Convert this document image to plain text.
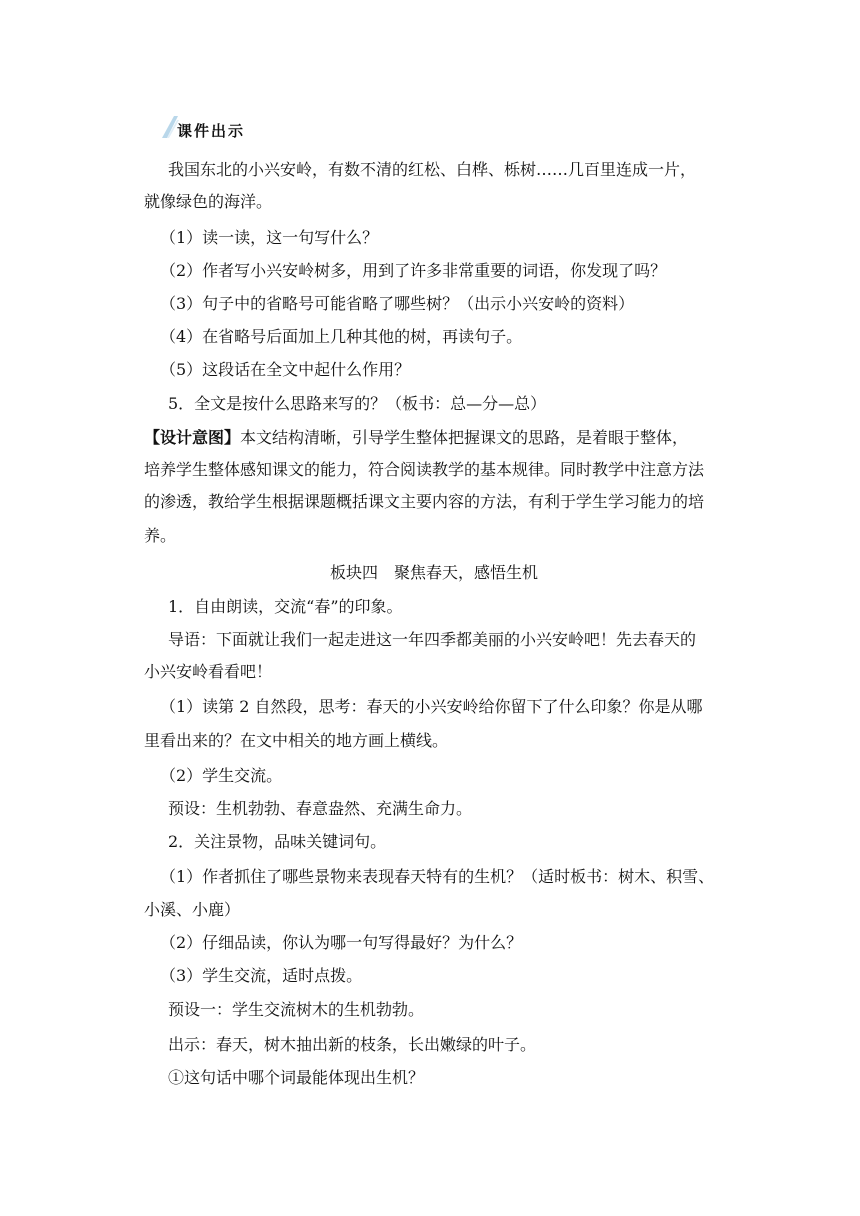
课件出示
我国东北的小兴安岭，有数不清的红松、白桦、栎树……几百里连成一片，
就像绿色的海洋。
（1）读一读，这一句写什么？
（2）作者写小兴安岭树多，用到了许多非常重要的词语，你发现了吗？
（3）句子中的省略号可能省略了哪些树？（出示小兴安岭的资料）
（4）在省略号后面加上几种其他的树，再读句子。
（5）这段话在全文中起什么作用？
5．全文是按什么思路来写的？（板书：总—分—总）
【设计意图】本文结构清晰，引导学生整体把握课文的思路，是着眼于整体，
培养学生整体感知课文的能力，符合阅读教学的基本规律。同时教学中注意方法
的渗透，教给学生根据课题概括课文主要内容的方法，有利于学生学习能力的培
养。
板块四　聚焦春天，感悟生机
1．自由朗读，交流“春”的印象。
导语：下面就让我们一起走进这一年四季都美丽的小兴安岭吧！先去春天的
小兴安岭看看吧！
（1）读第 2 自然段，思考：春天的小兴安岭给你留下了什么印象？你是从哪
里看出来的？在文中相关的地方画上横线。
（2）学生交流。
预设：生机勃勃、春意盎然、充满生命力。
2．关注景物，品味关键词句。
（1）作者抓住了哪些景物来表现春天特有的生机？（适时板书：树木、积雪、
小溪、小鹿）
（2）仔细品读，你认为哪一句写得最好？为什么？
（3）学生交流，适时点拨。
预设一：学生交流树木的生机勃勃。
出示：春天，树木抽出新的枝条，长出嫩绿的叶子。
①这句话中哪个词最能体现出生机？
